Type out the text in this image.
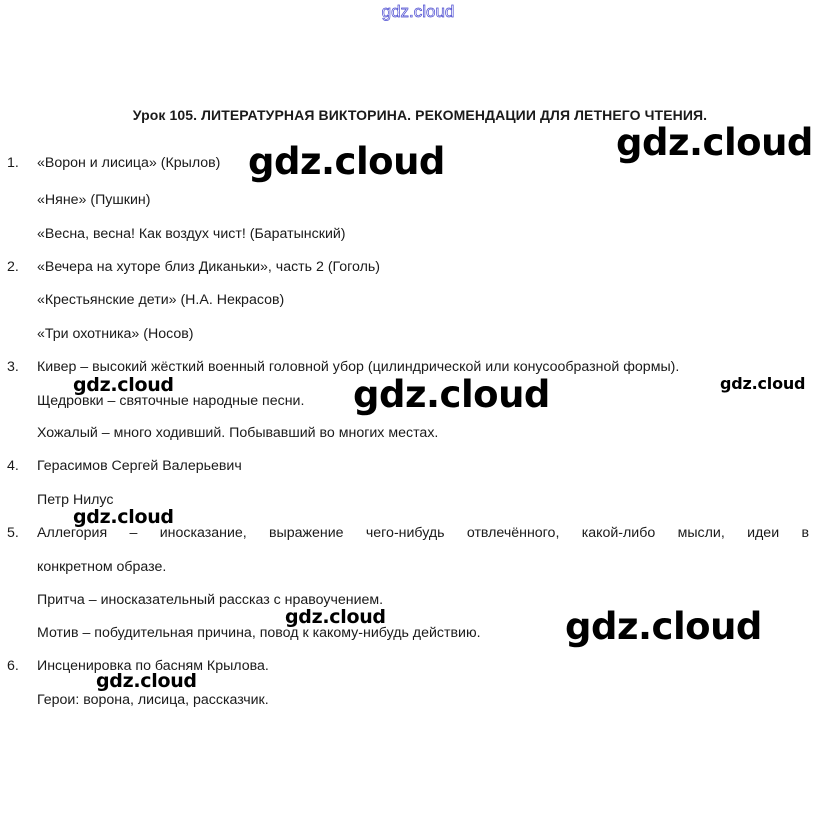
gdz.cloud
Урок 105. ЛИТЕРАТУРНАЯ ВИКТОРИНА. РЕКОМЕНДАЦИИ ДЛЯ ЛЕТНЕГО ЧТЕНИЯ.
1. «Ворон и лисица» (Крылов)
«Няне» (Пушкин)
«Весна, весна! Как воздух чист! (Баратынский)
2. «Вечера на хуторе близ Диканьки», часть 2 (Гоголь)
«Крестьянские дети» (Н.А. Некрасов)
«Три охотника» (Носов)
3. Кивер – высокий жёсткий военный головной убор (цилиндрической или конусообразной формы).
Щедровки – святочные народные песни.
Хожалый – много ходивший. Побывавший во многих местах.
4. Герасимов Сергей Валерьевич
Петр Нилус
5. Аллегория – иносказание, выражение чего-нибудь отвлечённого, какой-либо мысли, идеи в
конкретном образе.
Притча – иносказательный рассказ с нравоучением.
Мотив – побудительная причина, повод к какому-нибудь действию.
6. Инсценировка по басням Крылова.
Герои: ворона, лисица, рассказчик.
gdz.cloud	gdz.cloud
gdz.cloud	gdz.cloud	gdz.cloud
gdz.cloud
gdz.cloud	gdz.cloud
gdz.cloud
